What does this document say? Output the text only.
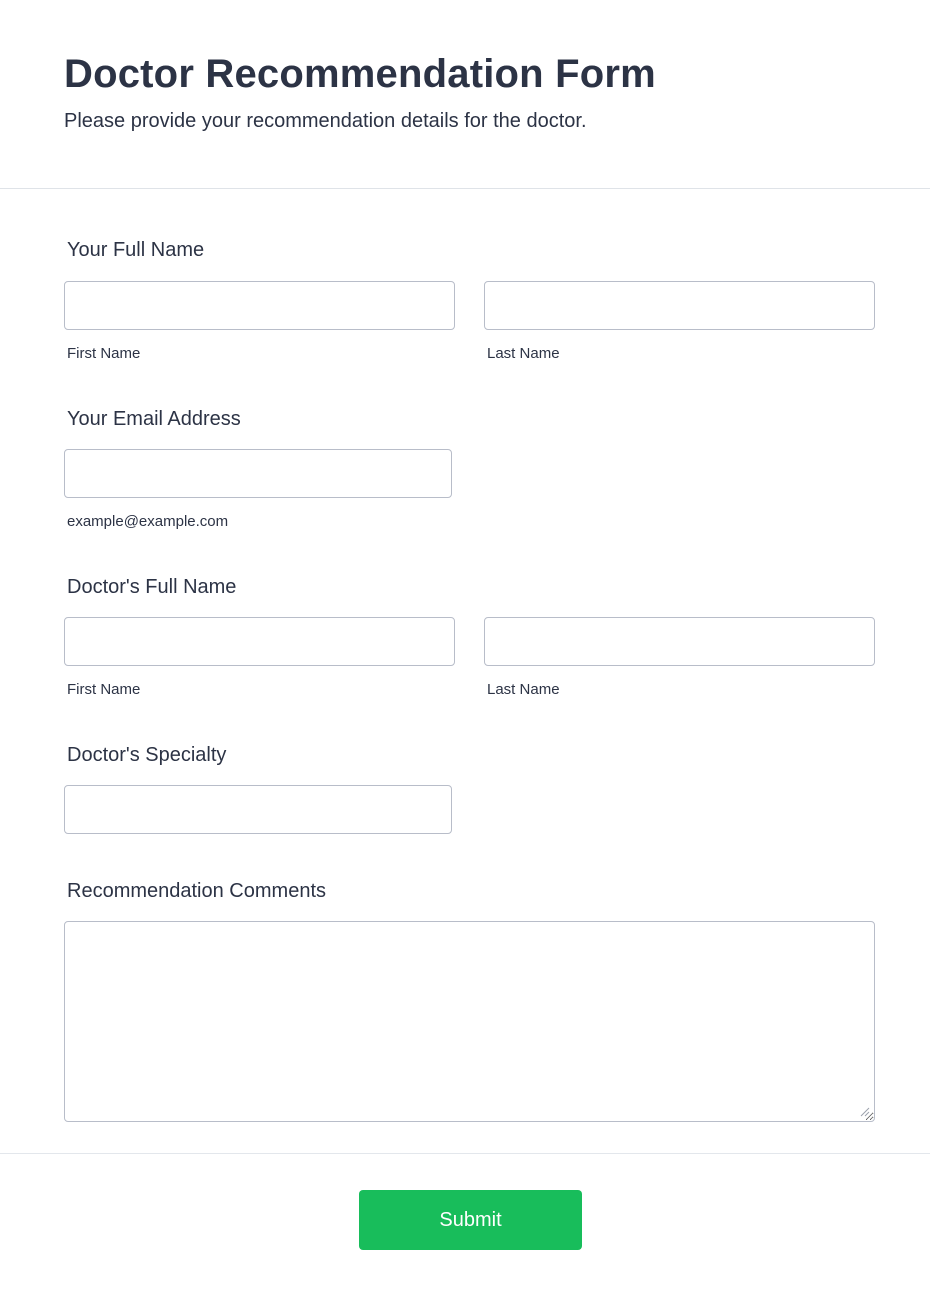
Doctor Recommendation Form

Please provide your recommendation details for the doctor.

Your Full Name
First Name	Last Name
Your Email Address
example@example.com
Doctor's Full Name
First Name	Last Name
Doctor's Specialty
Recommendation Comments
Submit
